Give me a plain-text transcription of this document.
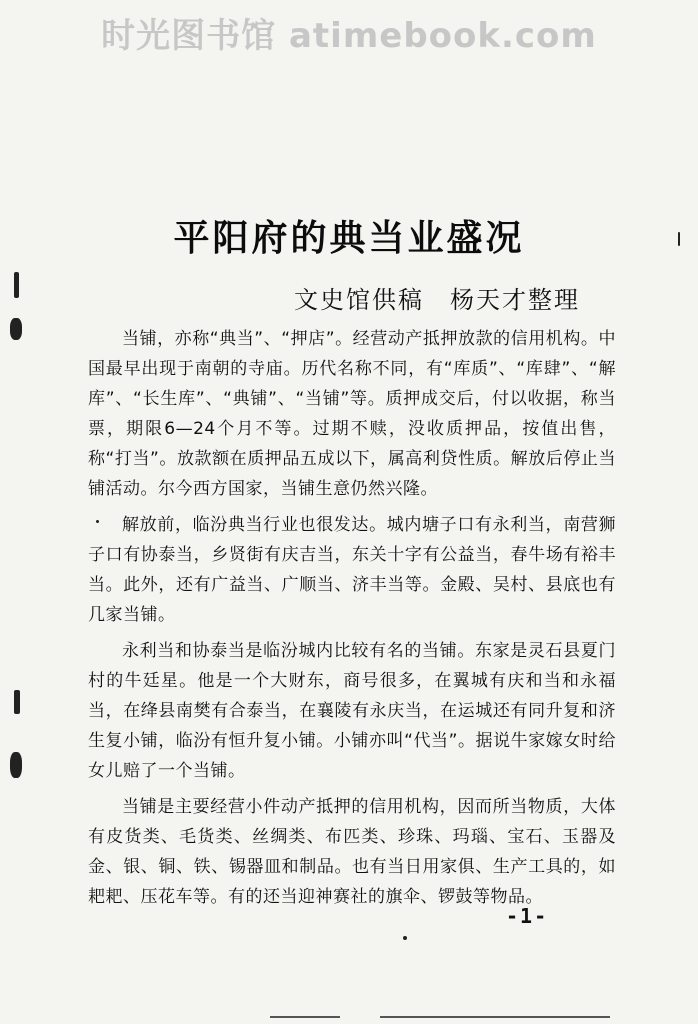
时光图书馆 atimebook.com
平阳府的典当业盛况
文史馆供稿　杨天才整理

当铺，亦称“典当”、“押店”。经营动产抵押放款的信用机构。中国最早出现于南朝的寺庙。历代名称不同，有“库质”、“库肆”、“解库”、“长生库”、“典铺”、“当铺”等。质押成交后，付以收据，称当票，期限6—24个月不等。过期不赎，没收质押品，按值出售，称“打当”。放款额在质押品五成以下，属高利贷性质。解放后停止当铺活动。尔今西方国家，当铺生意仍然兴隆。

解放前，临汾典当行业也很发达。城内塘子口有永利当，南营狮子口有协泰当，乡贤街有庆吉当，东关十字有公益当，春牛场有裕丰当。此外，还有广益当、广顺当、济丰当等。金殿、吴村、县底也有几家当铺。

永利当和协泰当是临汾城内比较有名的当铺。东家是灵石县夏门村的牛廷星。他是一个大财东，商号很多，在翼城有庆和当和永福当，在绛县南樊有合泰当，在襄陵有永庆当，在运城还有同升复和济生复小铺，临汾有恒升复小铺。小铺亦叫“代当”。据说牛家嫁女时给女儿赔了一个当铺。

当铺是主要经营小件动产抵押的信用机构，因而所当物质，大体有皮货类、毛货类、丝绸类、布匹类、珍珠、玛瑙、宝石、玉器及金、银、铜、铁、锡器皿和制品。也有当日用家俱、生产工具的，如耙耙、压花车等。有的还当迎神赛社的旗伞、锣鼓等物品。

-1-
